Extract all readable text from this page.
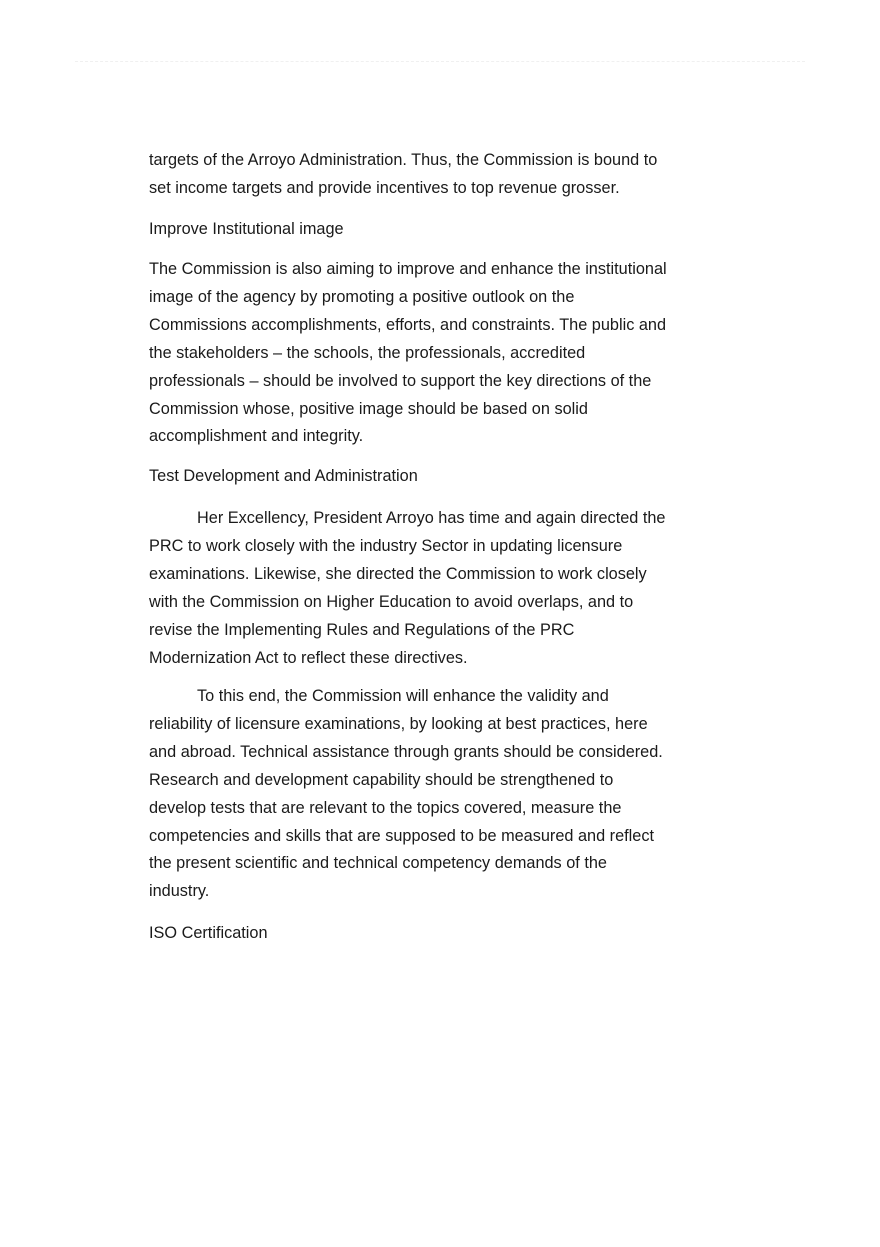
targets of the Arroyo Administration. Thus, the Commission is bound to
set income targets and provide incentives to top revenue grosser.
Improve Institutional image
The Commission is also aiming to improve and enhance the institutional
image of the agency by promoting a positive outlook on the
Commissions accomplishments, efforts, and constraints. The public and
the stakeholders – the schools, the professionals, accredited
professionals – should be involved to support the key directions of the
Commission whose, positive image should be based on solid
accomplishment and integrity.
Test Development and Administration
Her Excellency, President Arroyo has time and again directed the
PRC to work closely with the industry Sector in updating licensure
examinations. Likewise, she directed the Commission to work closely
with the Commission on Higher Education to avoid overlaps, and to
revise the Implementing Rules and Regulations of the PRC
Modernization Act to reflect these directives.
To this end, the Commission will enhance the validity and
reliability of licensure examinations, by looking at best practices, here
and abroad. Technical assistance through grants should be considered.
Research and development capability should be strengthened to
develop tests that are relevant to the topics covered, measure the
competencies and skills that are supposed to be measured and reflect
the present scientific and technical competency demands of the
industry.
ISO Certification
